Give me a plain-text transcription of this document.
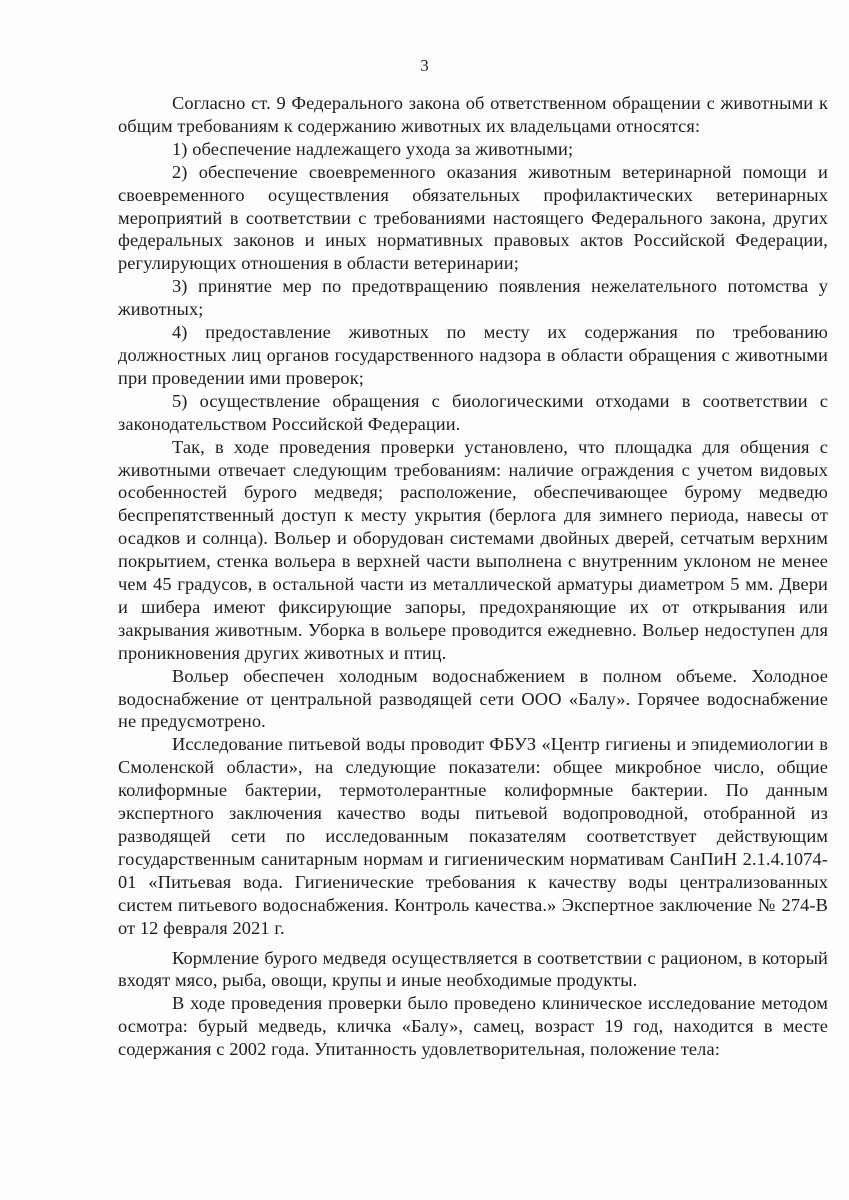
3

Согласно ст. 9 Федерального закона об ответственном обращении с животными к общим требованиям к содержанию животных их владельцами относятся:

1) обеспечение надлежащего ухода за животными;

2) обеспечение своевременного оказания животным ветеринарной помощи и своевременного осуществления обязательных профилактических ветеринарных мероприятий в соответствии с требованиями настоящего Федерального закона, других федеральных законов и иных нормативных правовых актов Российской Федерации, регулирующих отношения в области ветеринарии;

3) принятие мер по предотвращению появления нежелательного потомства у животных;

4) предоставление животных по месту их содержания по требованию должностных лиц органов государственного надзора в области обращения с животными при проведении ими проверок;

5) осуществление обращения с биологическими отходами в соответствии с законодательством Российской Федерации.

Так, в ходе проведения проверки установлено, что площадка для общения с животными отвечает следующим требованиям: наличие ограждения с учетом видовых особенностей бурого медведя; расположение, обеспечивающее бурому медведю беспрепятственный доступ к месту укрытия (берлога для зимнего периода, навесы от осадков и солнца). Вольер и оборудован системами двойных дверей, сетчатым верхним покрытием, стенка вольера в верхней части выполнена с внутренним уклоном не менее чем 45 градусов, в остальной части из металлической арматуры диаметром 5 мм. Двери и шибера имеют фиксирующие запоры, предохраняющие их от открывания или закрывания животным. Уборка в вольере проводится ежедневно. Вольер недоступен для проникновения других животных и птиц.

Вольер обеспечен холодным водоснабжением в полном объеме. Холодное водоснабжение от центральной разводящей сети ООО «Балу». Горячее водоснабжение не предусмотрено.

Исследование питьевой воды проводит ФБУЗ «Центр гигиены и эпидемиологии в Смоленской области», на следующие показатели: общее микробное число, общие колиформные бактерии, термотолерантные колиформные бактерии. По данным экспертного заключения качество воды питьевой водопроводной, отобранной из разводящей сети по исследованным показателям соответствует действующим государственным санитарным нормам и гигиеническим нормативам СанПиН 2.1.4.1074-01 «Питьевая вода. Гигиенические требования к качеству воды централизованных систем питьевого водоснабжения. Контроль качества.» Экспертное заключение № 274-В от 12 февраля 2021 г.

Кормление бурого медведя осуществляется в соответствии с рационом, в который входят мясо, рыба, овощи, крупы и иные необходимые продукты.

В ходе проведения проверки было проведено клиническое исследование методом осмотра: бурый медведь, кличка «Балу», самец, возраст 19 год, находится в месте содержания с 2002 года. Упитанность удовлетворительная, положение тела:
